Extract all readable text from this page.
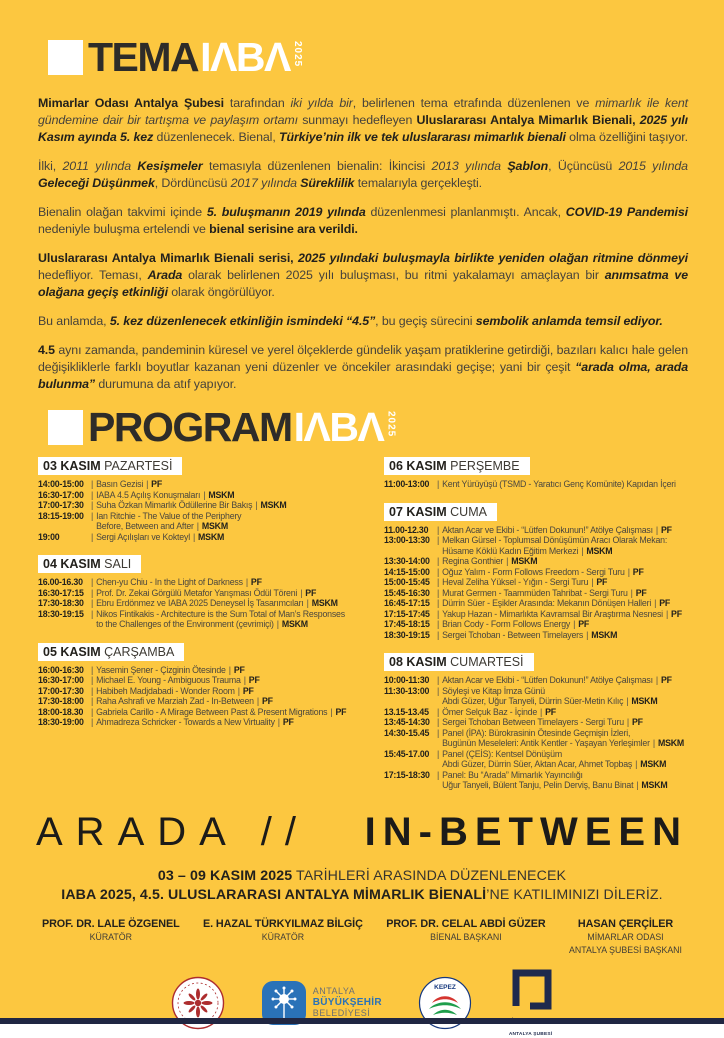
TEMA IΛBΛ 2025

Mimarlar Odası Antalya Şubesi tarafından iki yılda bir, belirlenen tema etrafında düzenlenen ve mimarlık ile kent gündemine dair bir tartışma ve paylaşım ortamı sunmayı hedefleyen Uluslararası Antalya Mimarlık Bienali, 2025 yılı Kasım ayında 5. kez düzenlenecek. Bienal, Türkiye’nin ilk ve tek uluslararası mimarlık bienali olma özelliğini taşıyor.

İlki, 2011 yılında Kesişmeler temasıyla düzenlenen bienalin: İkincisi 2013 yılında Şablon, Üçüncüsü 2015 yılında Geleceği Düşünmek, Dördüncüsü 2017 yılında Süreklilik temalarıyla gerçekleşti.

Bienalin olağan takvimi içinde 5. buluşmanın 2019 yılında düzenlenmesi planlanmıştı. Ancak, COVID-19 Pandemisi nedeniyle buluşma ertelendi ve bienal serisine ara verildi.

Uluslararası Antalya Mimarlık Bienali serisi, 2025 yılındaki buluşmayla birlikte yeniden olağan ritmine dönmeyi hedefliyor. Teması, Arada olarak belirlenen 2025 yılı buluşması, bu ritmi yakalamayı amaçlayan bir anımsatma ve olağana geçiş etkinliği olarak öngörülüyor.

Bu anlamda, 5. kez düzenlenecek etkinliğin ismindeki “4.5”, bu geçiş sürecini sembolik anlamda temsil ediyor.

4.5 aynı zamanda, pandeminin küresel ve yerel ölçeklerde gündelik yaşam pratiklerine getirdiği, bazıları kalıcı hale gelen değişikliklerle farklı boyutlar kazanan yeni düzenler ve öncekiler arasındaki geçişe; yani bir çeşit “arada olma, arada bulunma” durumuna da atıf yapıyor.

PROGRAM IΛBΛ 2025
03 KASIM PAZARTESİ
14:00-15:00 | Basın Gezisi | PF
16:30-17:00 | IABA 4.5 Açılış Konuşmaları | MSKM
17:00-17:30 | Suha Özkan Mimarlık Ödüllerine Bir Bakış | MSKM
18:15-19:00 | Ian Ritchie - The Value of the Periphery
Before, Between and After | MSKM
19:00	| Sergi Açılışları ve Kokteyl | MSKM
04 KASIM SALI
16.00-16.30 | Chen-yu Chiu - In the Light of Darkness | PF
16:30-17:15 | Prof. Dr. Zekai Görgülü Metafor Yarışması Ödül Töreni | PF
17:30-18:30 | Ebru Erdönmez ve IABA 2025 Deneysel İş Tasarımcıları | MSKM
18:30-19:15 | Nikos Fintikakis - Architecture is the Sum Total of Man’s Responses
to the Challenges of the Environment (çevrimiçi) | MSKM
05 KASIM ÇARŞAMBA
16:00-16:30 | Yasemin Şener - Çizginin Ötesinde | PF
16:30-17:00 | Michael E. Young - Ambiguous Trauma | PF
17:00-17:30 | Habibeh Madjdabadi - Wonder Room | PF
17:30-18:00 | Raha Ashrafi ve Marziah Zad - In-Between | PF
18:00-18.30 | Gabriela Carillo - A Mirage Between Past & Present Migrations | PF
18:30-19:00 | Ahmadreza Schricker - Towards a New Virtuality | PF
06 KASIM PERŞEMBE
11:00-13:00 | Kent Yürüyüşü (TSMD - Yaratıcı Genç Komünite) Kapıdan İçeri
07 KASIM CUMA
11.00-12.30 | Aktan Acar ve Ekibi - “Lütfen Dokunun!” Atölye Çalışması | PF
13:00-13:30 | Melkan Gürsel - Toplumsal Dönüşümün Aracı Olarak Mekan:
Hüsame Köklü Kadın Eğitim Merkezi | MSKM
13:30-14:00 | Regina Gonthier | MSKM
14:15-15:00 | Oğuz Yalım - Form Follows Freedom - Sergi Turu | PF
15:00-15:45 | Heval Zeliha Yüksel - Yığın - Sergi Turu | PF
15:45-16:30 | Murat Germen - Taammüden Tahribat - Sergi Turu | PF
16:45-17:15 | Dürrin Süer - Eşikler Arasında: Mekanın Dönüşen Halleri | PF
17:15-17:45 | Yakup Hazan - Mimarlıkta Kavramsal Bir Araştırma Nesnesi | PF
17:45-18:15 | Brian Cody - Form Follows Energy | PF
18:30-19:15 | Sergei Tchoban - Between Timelayers | MSKM
08 KASIM CUMARTESİ
10:00-11:30 | Aktan Acar ve Ekibi - “Lütfen Dokunun!” Atölye Çalışması | PF
11:30-13:00 | Söyleşi ve Kitap İmza Günü
Abdi Güzer, Uğur Tanyeli, Dürrin Süer-Metin Kılıç | MSKM
13.15-13.45 | Ömer Selçuk Baz - İçinde | PF
13:45-14:30 | Sergei Tchoban Between Timelayers - Sergi Turu | PF
14:30-15.45 | Panel (İPA): Bürokrasinin Ötesinde Geçmişin İzleri,
Bugünün Meseleleri: Antik Kentler - Yaşayan Yerleşimler | MSKM
15:45-17.00 | Panel (ÇEİS): Kentsel Dönüşüm
Abdi Güzer, Dürrin Süer, Aktan Acar, Ahmet Topbaş | MSKM
17:15-18:30 | Panel: Bu “Arada” Mimarlık Yayıncılığı
Uğur Tanyeli, Bülent Tanju, Pelin Derviş, Banu Binat | MSKM
ARADA // IN-BETWEEN
03 – 09 KASIM 2025 TARİHLERİ ARASINDA DÜZENLENECEK
IABA 2025, 4.5. ULUSLARARASI ANTALYA MİMARLIK BİENALİ’NE KATILIMINIZI DİLERİZ.
PROF. DR. LALE ÖZGENEL
KÜRATÖR
E. HAZAL TÜRKYILMAZ BİLGİÇ
KÜRATÖR
PROF. DR. CELAL ABDİ GÜZER
BİENAL BAŞKANI
HASAN ÇERÇİLER
MİMARLAR ODASI
ANTALYA ŞUBESİ BAŞKANI
ANTALYA
BÜYÜKŞEHİR
BELEDİYESİ
KEPEZ
ANTALYA ŞUBESİ
